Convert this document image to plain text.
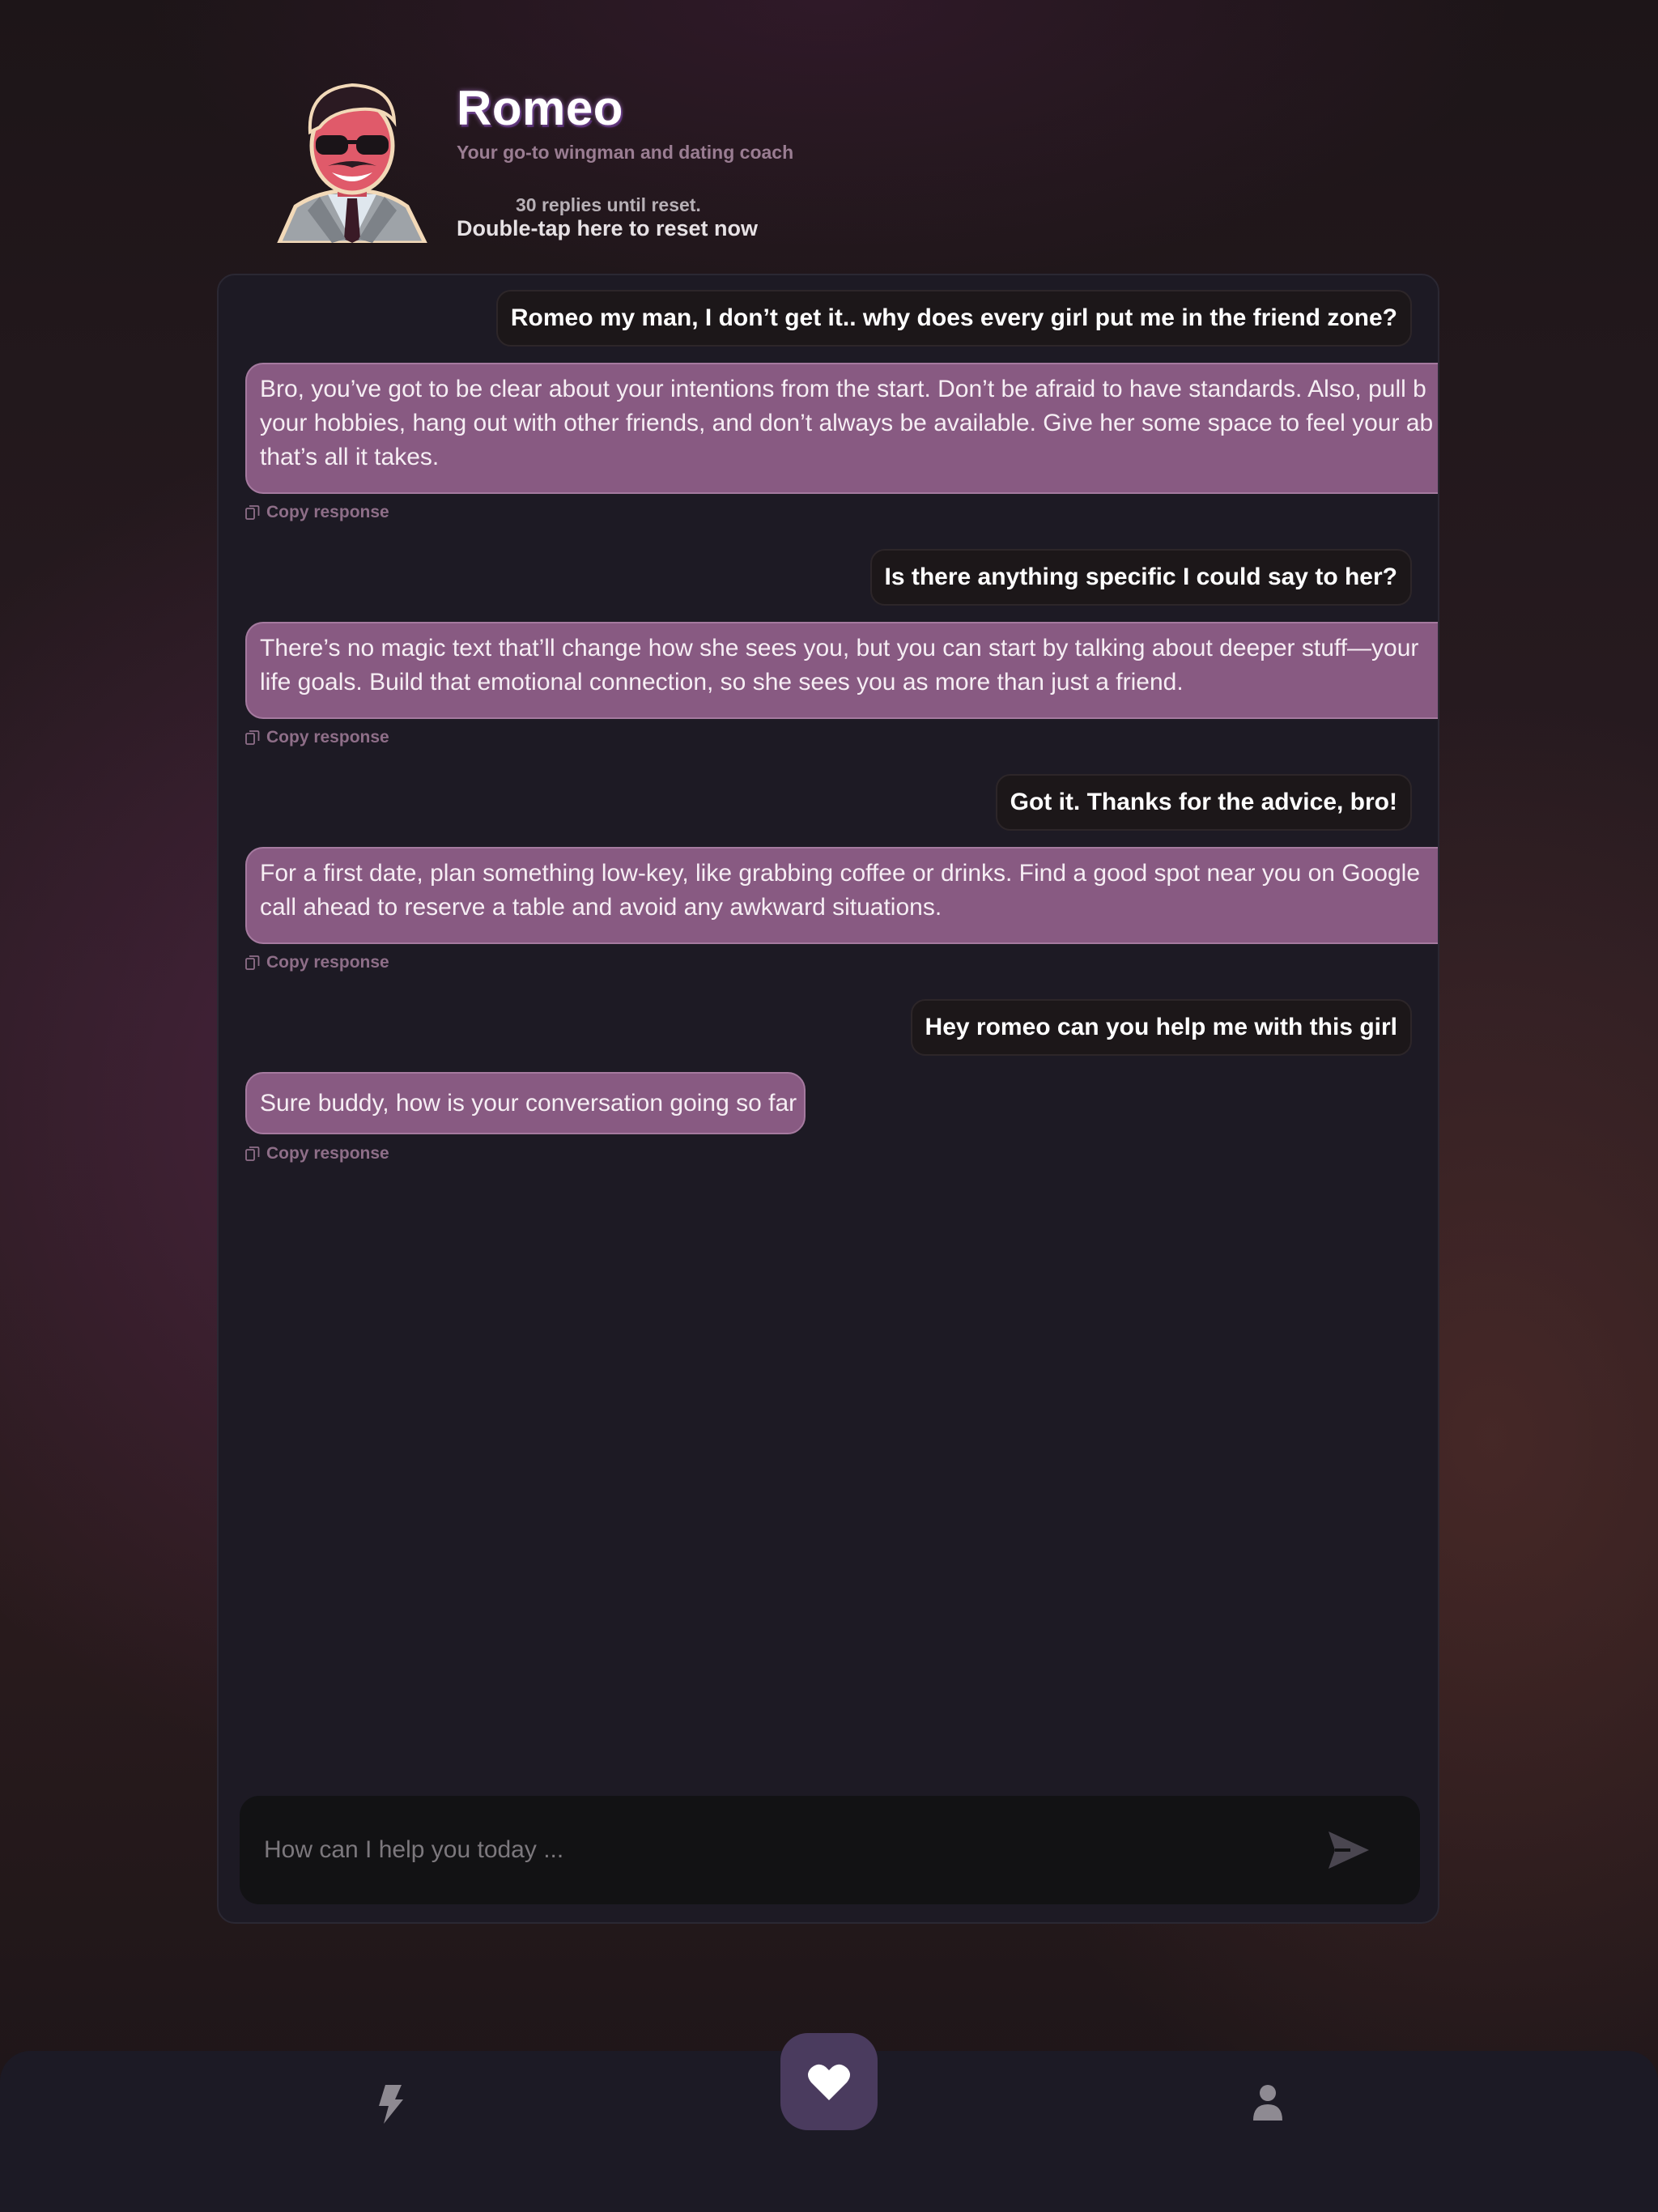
Romeo
Your go-to wingman and dating coach
30 replies until reset.
Double-tap here to reset now
Romeo my man, I don’t get it.. why does every girl put me in the friend zone?
Bro, you’ve got to be clear about your intentions from the start. Don’t be afraid to have standards. Also, pull b
your hobbies, hang out with other friends, and don’t always be available. Give her some space to feel your ab
that’s all it takes.
Copy response
Is there anything specific I could say to her?
There’s no magic text that’ll change how she sees you, but you can start by talking about deeper stuff—your
life goals. Build that emotional connection, so she sees you as more than just a friend.
Copy response
Got it. Thanks for the advice, bro!
For a first date, plan something low-key, like grabbing coffee or drinks. Find a good spot near you on Google
call ahead to reserve a table and avoid any awkward situations.
Copy response
Hey romeo can you help me with this girl
Sure buddy, how is your conversation going so far
Copy response
How can I help you today ...
